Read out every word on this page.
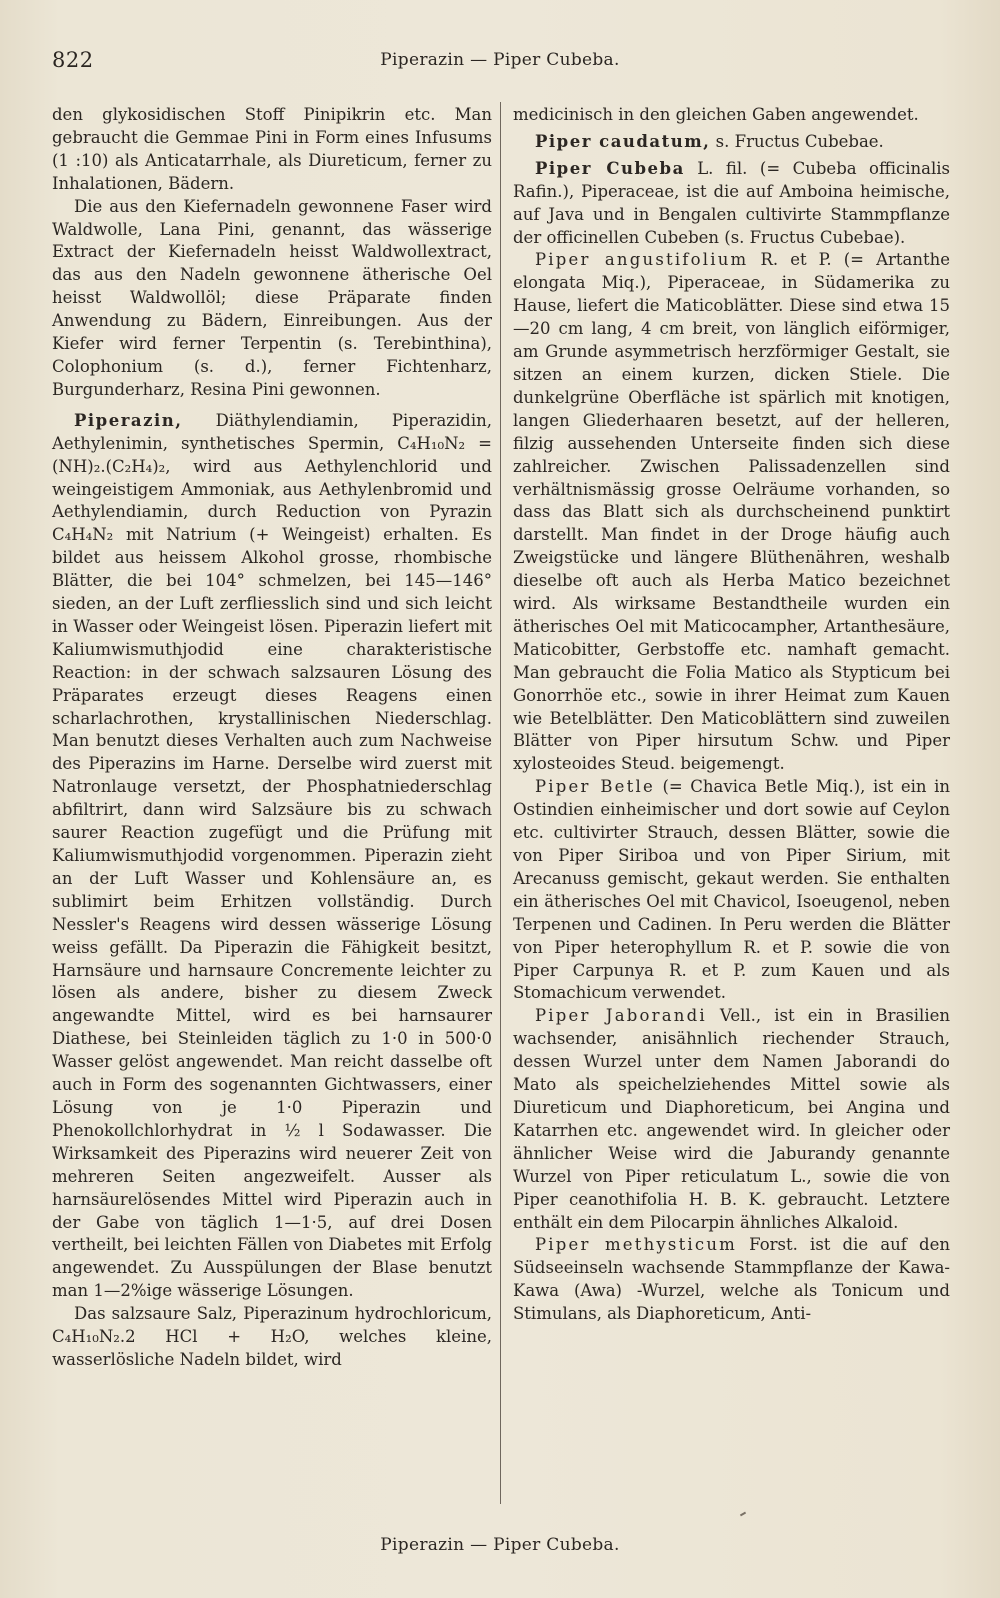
822	Piperazin — Piper Cubeba.

den glykosidischen Stoff Pinipikrin etc. Man gebraucht die Gemmae Pini in Form eines Infusums (1 :10) als Anticatarrhale, als Diureticum, ferner zu Inhalationen, Bädern.

Die aus den Kiefernadeln gewonnene Faser wird Waldwolle, Lana Pini, genannt, das wässerige Extract der Kiefernadeln heisst Waldwollextract, das aus den Nadeln gewonnene ätherische Oel heisst Waldwollöl; diese Präparate finden Anwendung zu Bädern, Einreibungen. Aus der Kiefer wird ferner Terpentin (s. Terebinthina), Colophonium (s. d.), ferner Fichtenharz, Burgunderharz, Resina Pini gewonnen.

Piperazin, Diäthylendiamin, Piperazidin, Aethylenimin, synthetisches Spermin, C₄H₁₀N₂ = (NH)₂.(C₂H₄)₂, wird aus Aethylenchlorid und weingeistigem Ammoniak, aus Aethylenbromid und Aethylendiamin, durch Reduction von Pyrazin C₄H₄N₂ mit Natrium (+ Weingeist) erhalten. Es bildet aus heissem Alkohol grosse, rhombische Blätter, die bei 104° schmelzen, bei 145—146° sieden, an der Luft zerfliesslich sind und sich leicht in Wasser oder Weingeist lösen. Piperazin liefert mit Kaliumwismuthjodid eine charakteristische Reaction: in der schwach salzsauren Lösung des Präparates erzeugt dieses Reagens einen scharlachrothen, krystallinischen Niederschlag. Man benutzt dieses Verhalten auch zum Nachweise des Piperazins im Harne. Derselbe wird zuerst mit Natronlauge versetzt, der Phosphatniederschlag abfiltrirt, dann wird Salzsäure bis zu schwach saurer Reaction zugefügt und die Prüfung mit Kaliumwismuthjodid vorgenommen. Piperazin zieht an der Luft Wasser und Kohlensäure an, es sublimirt beim Erhitzen vollständig. Durch Nessler's Reagens wird dessen wässerige Lösung weiss gefällt. Da Piperazin die Fähigkeit besitzt, Harnsäure und harnsaure Concremente leichter zu lösen als andere, bisher zu diesem Zweck angewandte Mittel, wird es bei harnsaurer Diathese, bei Steinleiden täglich zu 1·0 in 500·0 Wasser gelöst angewendet. Man reicht dasselbe oft auch in Form des sogenannten Gichtwassers, einer Lösung von je 1·0 Piperazin und Phenokollchlorhydrat in ½ l Sodawasser. Die Wirksamkeit des Piperazins wird neuerer Zeit von mehreren Seiten angezweifelt. Ausser als harnsäurelösendes Mittel wird Piperazin auch in der Gabe von täglich 1—1·5, auf drei Dosen vertheilt, bei leichten Fällen von Diabetes mit Erfolg angewendet. Zu Ausspülungen der Blase benutzt man 1—2%ige wässerige Lösungen.

Das salzsaure Salz, Piperazinum hydrochloricum, C₄H₁₀N₂.2 HCl + H₂O, welches kleine, wasserlösliche Nadeln bildet, wird

medicinisch in den gleichen Gaben angewendet.

Piper caudatum, s. Fructus Cubebae.

Piper Cubeba L. fil. (= Cubeba officinalis Rafin.), Piperaceae, ist die auf Amboina heimische, auf Java und in Bengalen cultivirte Stammpflanze der officinellen Cubeben (s. Fructus Cubebae).

Piper angustifolium R. et P. (= Artanthe elongata Miq.), Piperaceae, in Südamerika zu Hause, liefert die Maticoblätter. Diese sind etwa 15—20 cm lang, 4 cm breit, von länglich eiförmiger, am Grunde asymmetrisch herzförmiger Gestalt, sie sitzen an einem kurzen, dicken Stiele. Die dunkelgrüne Oberfläche ist spärlich mit knotigen, langen Gliederhaaren besetzt, auf der helleren, filzig aussehenden Unterseite finden sich diese zahlreicher. Zwischen Palissadenzellen sind verhältnismässig grosse Oelräume vorhanden, so dass das Blatt sich als durchscheinend punktirt darstellt. Man findet in der Droge häufig auch Zweigstücke und längere Blüthenähren, weshalb dieselbe oft auch als Herba Matico bezeichnet wird. Als wirksame Bestandtheile wurden ein ätherisches Oel mit Maticocampher, Artanthesäure, Maticobitter, Gerbstoffe etc. namhaft gemacht. Man gebraucht die Folia Matico als Stypticum bei Gonorrhöe etc., sowie in ihrer Heimat zum Kauen wie Betelblätter. Den Maticoblättern sind zuweilen Blätter von Piper hirsutum Schw. und Piper xylosteoides Steud. beigemengt.

Piper Betle (= Chavica Betle Miq.), ist ein in Ostindien einheimischer und dort sowie auf Ceylon etc. cultivirter Strauch, dessen Blätter, sowie die von Piper Siriboa und von Piper Sirium, mit Arecanuss gemischt, gekaut werden. Sie enthalten ein ätherisches Oel mit Chavicol, Isoeugenol, neben Terpenen und Cadinen. In Peru werden die Blätter von Piper heterophyllum R. et P. sowie die von Piper Carpunya R. et P. zum Kauen und als Stomachicum verwendet.

Piper Jaborandi Vell., ist ein in Brasilien wachsender, anisähnlich riechender Strauch, dessen Wurzel unter dem Namen Jaborandi do Mato als speichelziehendes Mittel sowie als Diureticum und Diaphoreticum, bei Angina und Katarrhen etc. angewendet wird. In gleicher oder ähnlicher Weise wird die Jaburandy genannte Wurzel von Piper reticulatum L., sowie die von Piper ceanothifolia H. B. K. gebraucht. Letztere enthält ein dem Pilocarpin ähnliches Alkaloid.

Piper methysticum Forst. ist die auf den Südseeinseln wachsende Stammpflanze der Kawa-Kawa (Awa) -Wurzel, welche als Tonicum und Stimulans, als Diaphoreticum, Anti-

Piperazin — Piper Cubeba.
